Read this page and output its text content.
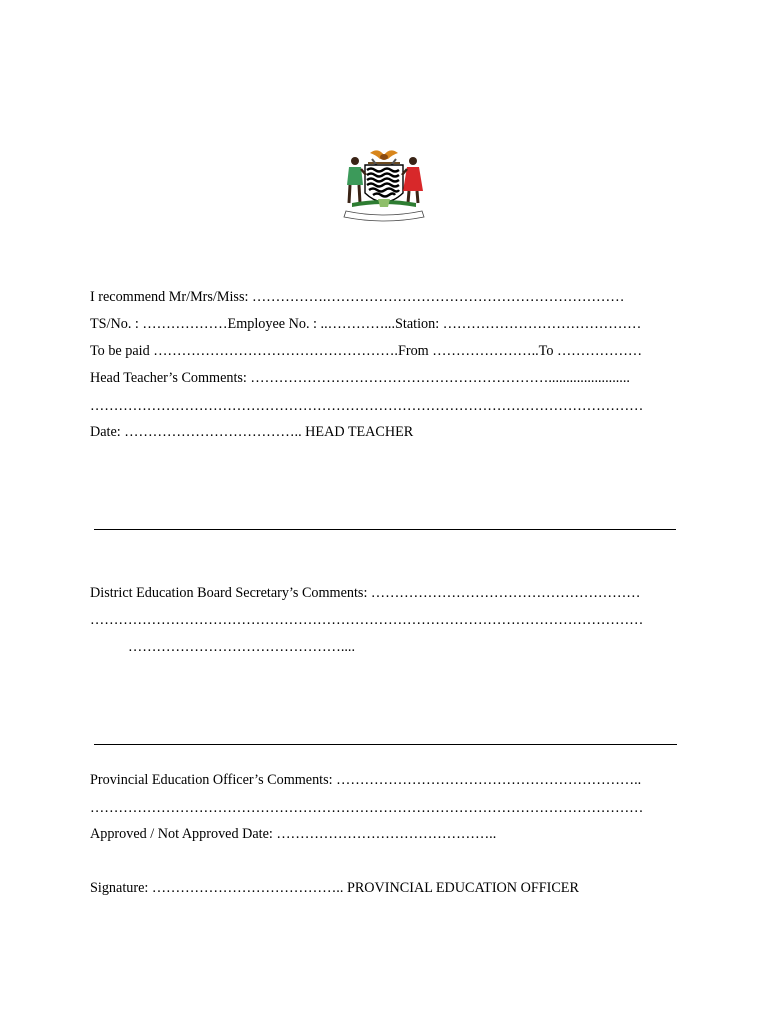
I recommend Mr/Mrs/Miss: …………….………………………………………………………
TS/No. : ………………Employee No. : ..…………...Station: ……………………………………
To be paid …………………………………………….From …………………..To ………………
Head Teacher’s Comments: ……………………………………………………….......................
………………………………………………………………………………………………………
Date: ……………………………….. HEAD TEACHER
District Education Board Secretary’s Comments: …………………………………………………
………………………………………………………………………………………………………
………………………………………....
Provincial Education Officer’s Comments: ………………………………………………………..
………………………………………………………………………………………………………
Approved / Not Approved Date: ………………………………………..
Signature: ………………………………….. PROVINCIAL EDUCATION OFFICER
